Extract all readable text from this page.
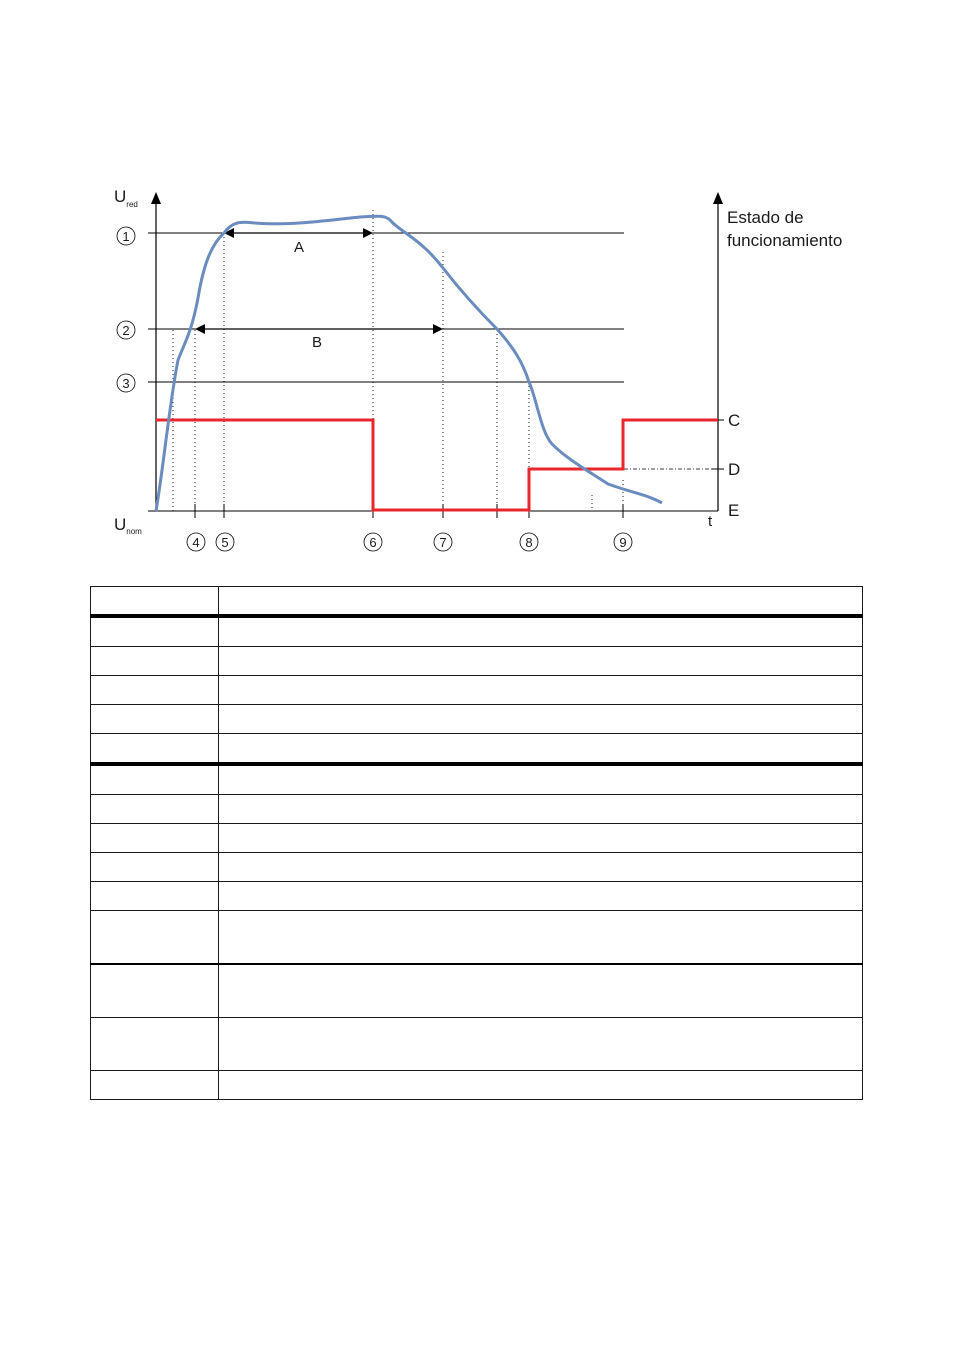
$U_{red}$
Estado de
funcionamiento
$U_{nom}$
t
A
B
1
2
3
4 5	6	7	8	9
C
D
E
